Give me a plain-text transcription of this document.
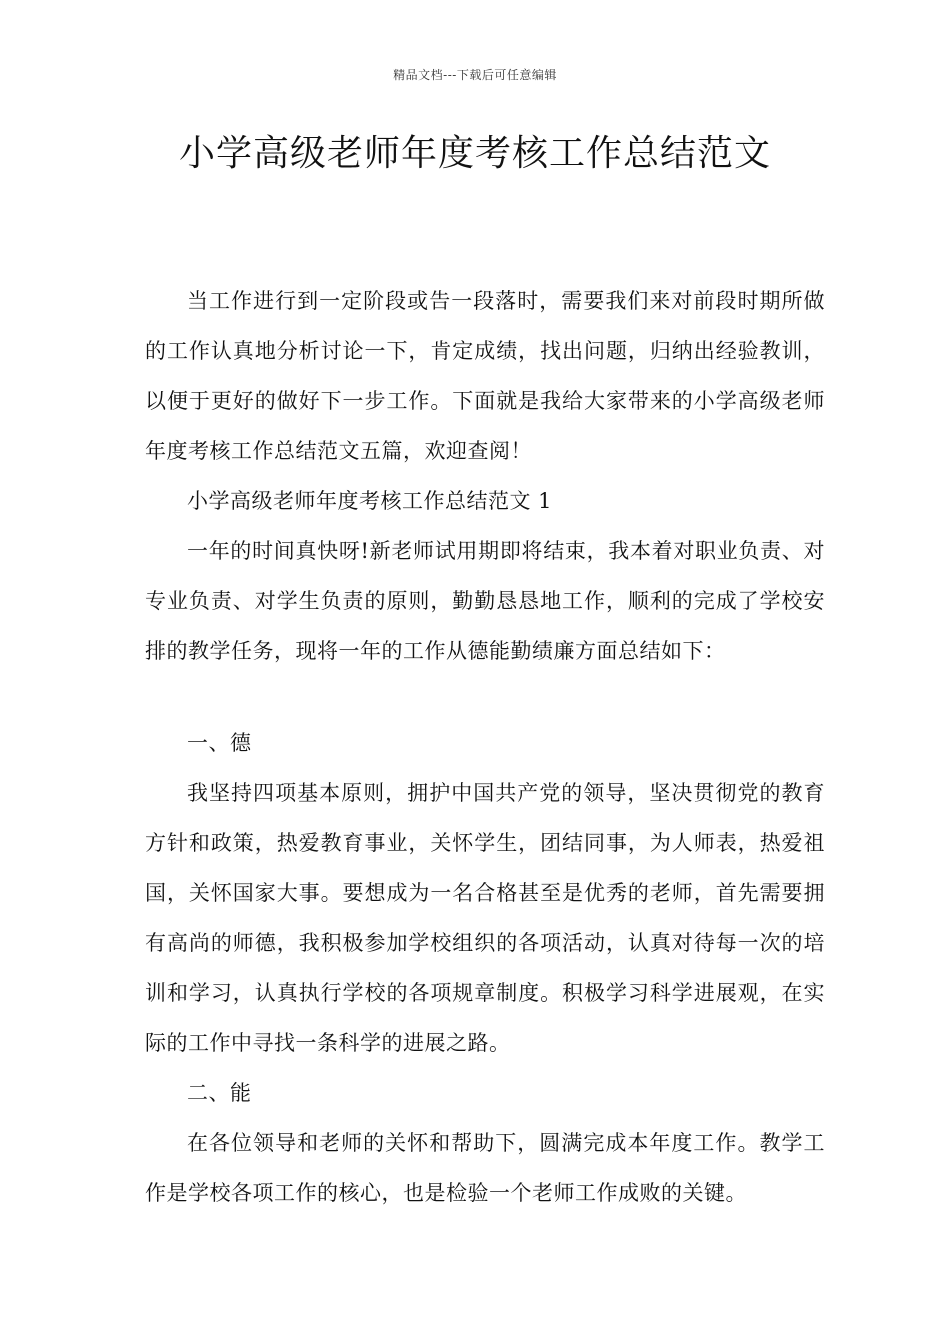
精品文档---下载后可任意编辑
小学高级老师年度考核工作总结范文

当工作进行到一定阶段或告一段落时，需要我们来对前段时期所做的工作认真地分析讨论一下，肯定成绩，找出问题，归纳出经验教训，以便于更好的做好下一步工作。下面就是我给大家带来的小学高级老师年度考核工作总结范文五篇，欢迎查阅！

小学高级老师年度考核工作总结范文 1

一年的时间真快呀!新老师试用期即将结束，我本着对职业负责、对专业负责、对学生负责的原则，勤勤恳恳地工作，顺利的完成了学校安排的教学任务，现将一年的工作从德能勤绩廉方面总结如下：

一、德

我坚持四项基本原则，拥护中国共产党的领导，坚决贯彻党的教育方针和政策，热爱教育事业，关怀学生，团结同事，为人师表，热爱祖国，关怀国家大事。要想成为一名合格甚至是优秀的老师，首先需要拥有高尚的师德，我积极参加学校组织的各项活动，认真对待每一次的培训和学习，认真执行学校的各项规章制度。积极学习科学进展观，在实际的工作中寻找一条科学的进展之路。

二、能

在各位领导和老师的关怀和帮助下，圆满完成本年度工作。教学工作是学校各项工作的核心，也是检验一个老师工作成败的关键。
